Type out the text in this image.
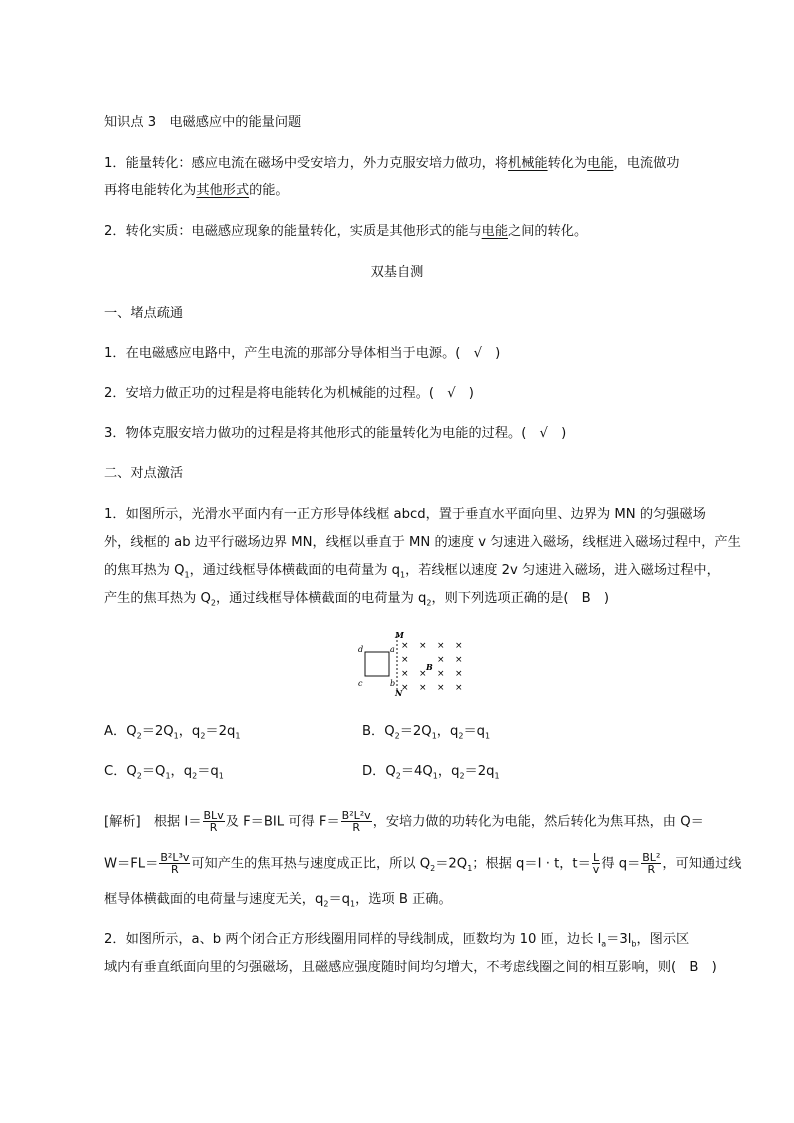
知识点 3　电磁感应中的能量问题
1．能量转化：感应电流在磁场中受安培力，外力克服安培力做功，将机械能转化为电能，电流做功
再将电能转化为其他形式的能。
2．转化实质：电磁感应现象的能量转化，实质是其他形式的能与电能之间的转化。
双基自测
一、堵点疏通
1．在电磁感应电路中，产生电流的那部分导体相当于电源。(　√　)
2．安培力做正功的过程是将电能转化为机械能的过程。(　√　)
3．物体克服安培力做功的过程是将其他形式的能量转化为电能的过程。(　√　)
二、对点激活
1．如图所示，光滑水平面内有一正方形导体线框 abcd，置于垂直水平面向里、边界为 MN 的匀强磁场
外，线框的 ab 边平行磁场边界 MN，线框以垂直于 MN 的速度 v 匀速进入磁场，线框进入磁场过程中，产生
的焦耳热为 $Q_1$，通过线框导体横截面的电荷量为 $q_1$，若线框以速度 2v 匀速进入磁场，进入磁场过程中，
产生的焦耳热为 $Q_2$，通过线框导体横截面的电荷量为 $q_2$，则下列选项正确的是(　B　)
d
c
a
b
M
N
B
× × × ×
×	× ×
× × × ×
× × × ×
A．$Q_2=2Q_1$，$q_2=2q_1$	B．$Q_2=2Q_1$，$q_2=q_1$
C．$Q_2=Q_1$，$q_2=q_1$	D．$Q_2=4Q_1$，$q_2=2q_1$
[解析]　 根据 $I= \frac{\text{BLv}}{R}$ 及 F＝BIL 可得 $F= \frac{\text{B²L²v}}{R}$ ，安培力做的功转化为电能，然后转化为焦耳热，由 Q＝
$W=FL= \frac{\text{B²L³v}}{R}$ 可知产生的焦耳热与速度成正比，所以 $Q_2=2Q_1$；根据 q＝I · t，$t= \frac{L}{v}$ 得 $q= \frac{\text{BL²}}{R}$ ，可知通过线
框导体横截面的电荷量与速度无关，$q_2=q_1$，选项 B 正确。
2．如图所示，a、b 两个闭合正方形线圈用同样的导线制成，匝数均为 10 匝，边长 $l_a=3l_b$，图示区
域内有垂直纸面向里的匀强磁场，且磁感应强度随时间均匀增大，不考虑线圈之间的相互影响，则(　B　)
